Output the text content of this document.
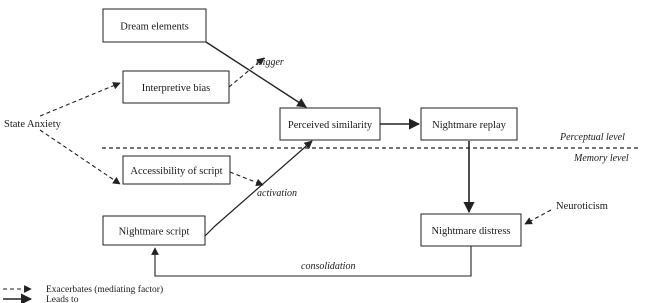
Perceptual level
Memory level
Dream elements
Interpretive bias
Perceived similarity	Nightmare replay
Accessibility of script
Nightmare script	Nightmare distress
State Anxiety
Neuroticism
trigger
activation
consolidation
Exacerbates (mediating factor)
Leads to
